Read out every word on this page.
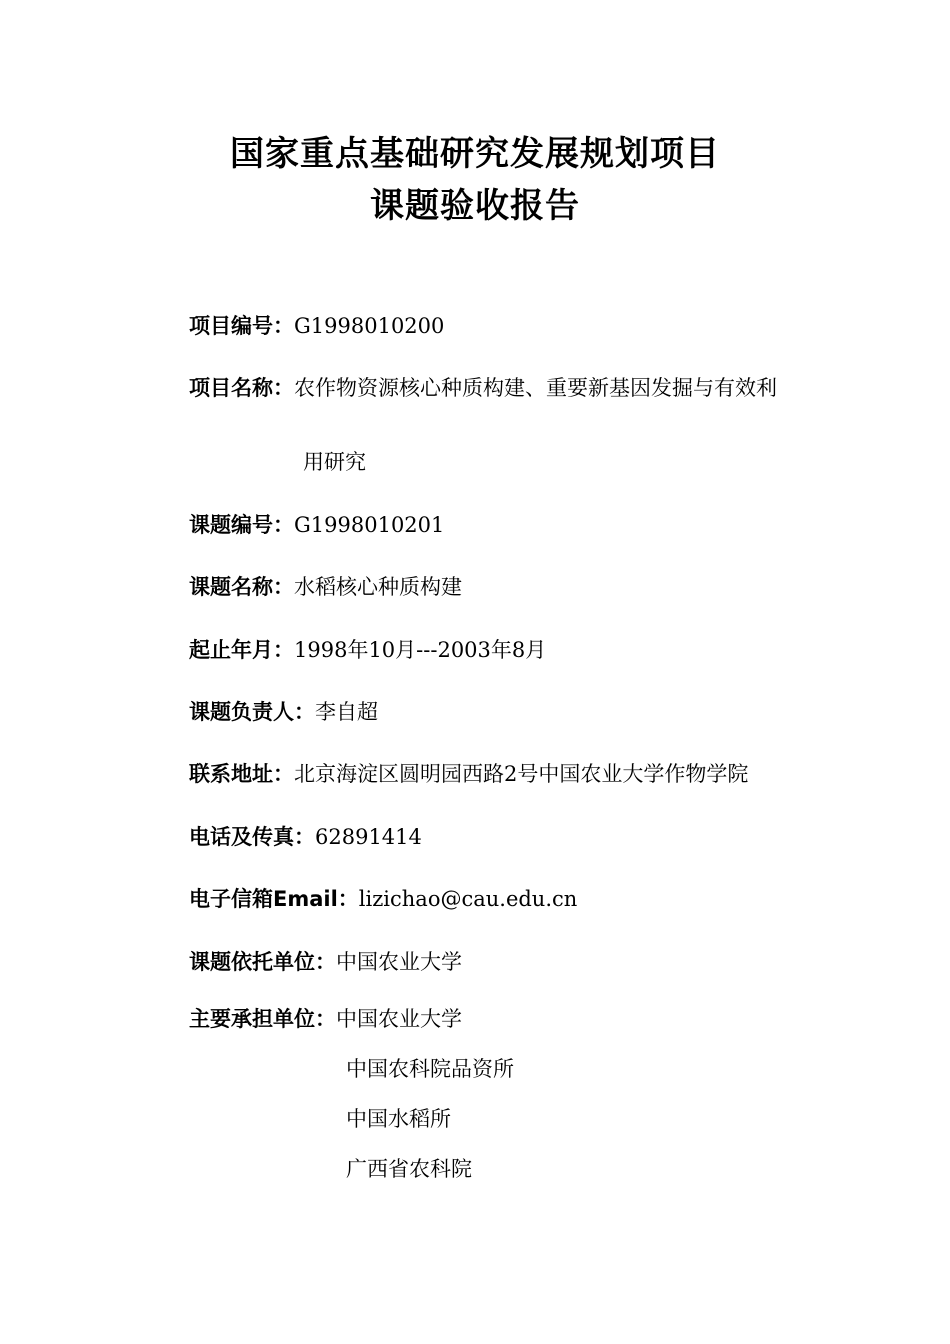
国家重点基础研究发展规划项目

课题验收报告

项目编号：G1998010200
项目名称：农作物资源核心种质构建、重要新基因发掘与有效利
用研究
课题编号：G1998010201
课题名称：水稻核心种质构建
起止年月：1998年10月---2003年8月
课题负责人：李自超
联系地址：北京海淀区圆明园西路2号中国农业大学作物学院
电话及传真：62891414
电子信箱Email：lizichao@cau.edu.cn
课题依托单位：中国农业大学
主要承担单位：中国农业大学
中国农科院品资所
中国水稻所
广西省农科院
